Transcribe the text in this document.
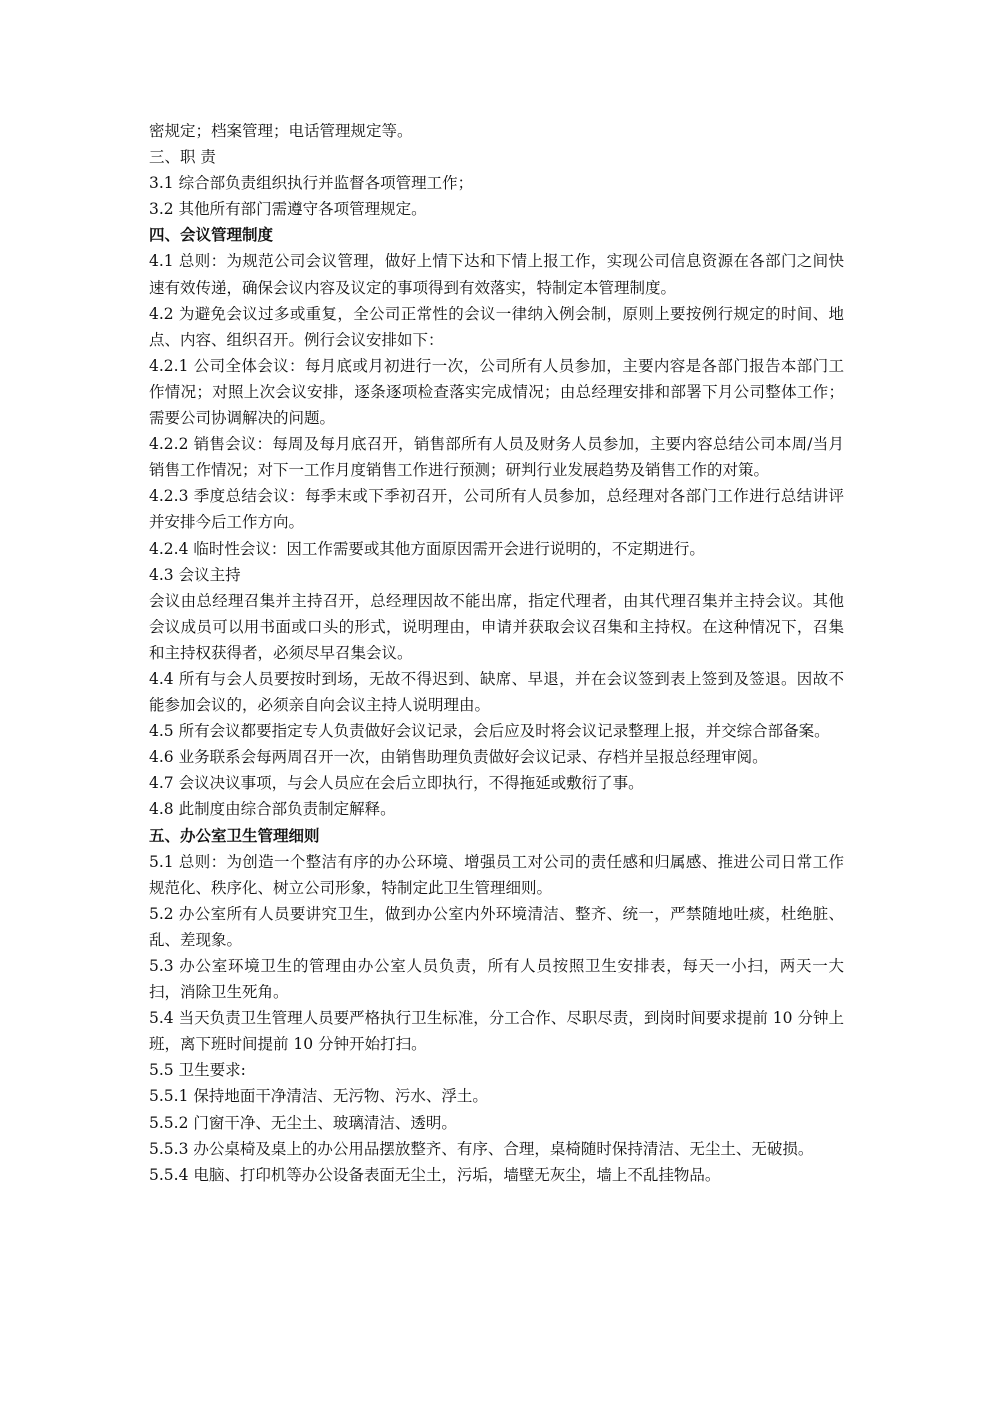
密规定；档案管理；电话管理规定等。

三、职 责

3.1 综合部负责组织执行并监督各项管理工作；

3.2 其他所有部门需遵守各项管理规定。

四、会议管理制度

4.1 总则：为规范公司会议管理，做好上情下达和下情上报工作，实现公司信息资源在各部门之间快速有效传递，确保会议内容及议定的事项得到有效落实，特制定本管理制度。

4.2 为避免会议过多或重复，全公司正常性的会议一律纳入例会制，原则上要按例行规定的时间、地点、内容、组织召开。例行会议安排如下：

4.2.1 公司全体会议：每月底或月初进行一次，公司所有人员参加，主要内容是各部门报告本部门工作情况；对照上次会议安排，逐条逐项检查落实完成情况；由总经理安排和部署下月公司整体工作；需要公司协调解决的问题。

4.2.2 销售会议：每周及每月底召开，销售部所有人员及财务人员参加，主要内容总结公司本周/当月销售工作情况；对下一工作月度销售工作进行预测；研判行业发展趋势及销售工作的对策。

4.2.3 季度总结会议：每季末或下季初召开，公司所有人员参加，总经理对各部门工作进行总结讲评并安排今后工作方向。

4.2.4 临时性会议：因工作需要或其他方面原因需开会进行说明的，不定期进行。

4.3 会议主持

会议由总经理召集并主持召开，总经理因故不能出席，指定代理者，由其代理召集并主持会议。其他会议成员可以用书面或口头的形式，说明理由，申请并获取会议召集和主持权。在这种情况下，召集和主持权获得者，必须尽早召集会议。

4.4 所有与会人员要按时到场，无故不得迟到、缺席、早退，并在会议签到表上签到及签退。因故不能参加会议的，必须亲自向会议主持人说明理由。

4.5 所有会议都要指定专人负责做好会议记录，会后应及时将会议记录整理上报，并交综合部备案。

4.6 业务联系会每两周召开一次，由销售助理负责做好会议记录、存档并呈报总经理审阅。

4.7 会议决议事项，与会人员应在会后立即执行，不得拖延或敷衍了事。

4.8 此制度由综合部负责制定解释。

五、办公室卫生管理细则

5.1 总则：为创造一个整洁有序的办公环境、增强员工对公司的责任感和归属感、推进公司日常工作规范化、秩序化、树立公司形象，特制定此卫生管理细则。

5.2 办公室所有人员要讲究卫生，做到办公室内外环境清洁、整齐、统一，严禁随地吐痰，杜绝脏、乱、差现象。

5.3 办公室环境卫生的管理由办公室人员负责，所有人员按照卫生安排表，每天一小扫，两天一大扫，消除卫生死角。

5.4 当天负责卫生管理人员要严格执行卫生标准，分工合作、尽职尽责，到岗时间要求提前 10 分钟上班，离下班时间提前 10 分钟开始打扫。

5.5 卫生要求:

5.5.1 保持地面干净清洁、无污物、污水、浮土。

5.5.2 门窗干净、无尘土、玻璃清洁、透明。

5.5.3 办公桌椅及桌上的办公用品摆放整齐、有序、合理，桌椅随时保持清洁、无尘土、无破损。

5.5.4 电脑、打印机等办公设备表面无尘土，污垢，墙壁无灰尘，墙上不乱挂物品。
